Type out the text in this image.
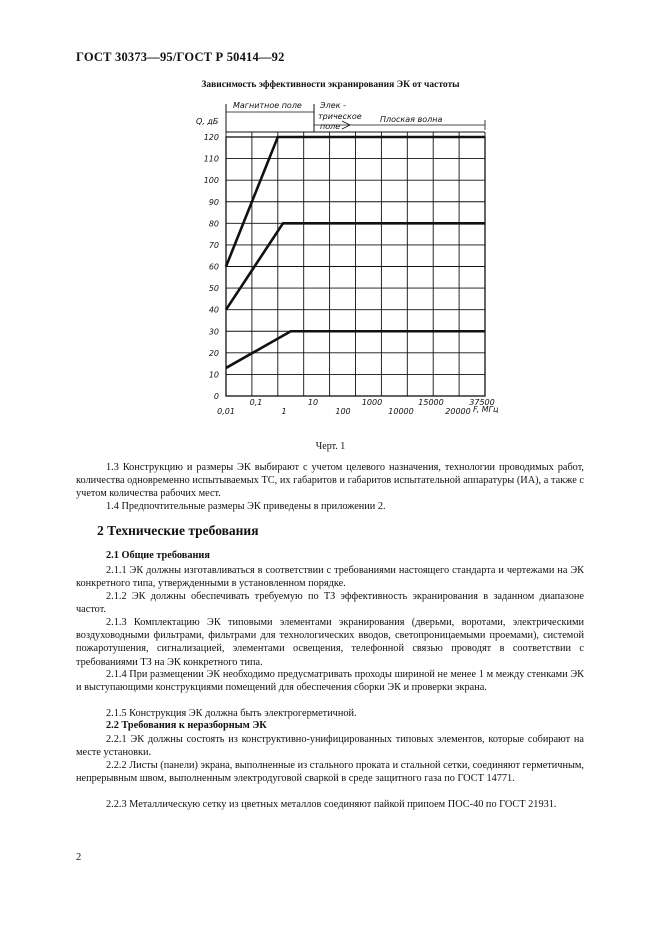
ГОСТ 30373—95/ГОСТ Р 50414—92
Зависимость эффективности экранирования ЭК от частоты
Магнитное поле Элек -
трическое
поле
Плоская волна
Q, дБ
0
10
20
30
40
50
60
70
80
90
100
110
120
0,1	10	1000	15000	37500
0,01	1	100	10000	20000 F, МГц
Черт. 1
1.3 Конструкцию и размеры ЭК выбирают с учетом целевого назначения, технологии проводимых работ, количества одновременно испытываемых ТС, их габаритов и габаритов испытательной аппаратуры (ИА), а также с учетом количества рабочих мест.
1.4 Предпочтительные размеры ЭК приведены в приложении 2.
2 Технические требования
2.1 Общие требования
2.1.1 ЭК должны изготавливаться в соответствии с требованиями настоящего стандарта и чертежами на ЭК конкретного типа, утвержденными в установленном порядке.
2.1.2 ЭК должны обеспечивать требуемую по ТЗ эффективность экранирования в заданном диапазоне частот.
2.1.3 Комплектацию ЭК типовыми элементами экранирования (дверьми, воротами, электрическими воздуховодными фильтрами, фильтрами для технологических вводов, светопроницаемыми проемами), системой пожаротушения, сигнализацией, элементами освещения, телефонной связью проводят в соответствии с требованиями ТЗ на ЭК конкретного типа.
2.1.4 При размещении ЭК необходимо предусматривать проходы шириной не менее 1 м между стенками ЭК и выступающими конструкциями помещений для обеспечения сборки ЭК и проверки экрана.
2.1.5 Конструкция ЭК должна быть электрогерметичной.
2.2 Требования к неразборным ЭК
2.2.1 ЭК должны состоять из конструктивно-унифицированных типовых элементов, которые собирают на месте установки.
2.2.2 Листы (панели) экрана, выполненные из стального проката и стальной сетки, соединяют герметичным, непрерывным швом, выполненным электродуговой сваркой в среде защитного газа по ГОСТ 14771.
2.2.3 Металлическую сетку из цветных металлов соединяют пайкой припоем ПОС-40 по ГОСТ 21931.
2
